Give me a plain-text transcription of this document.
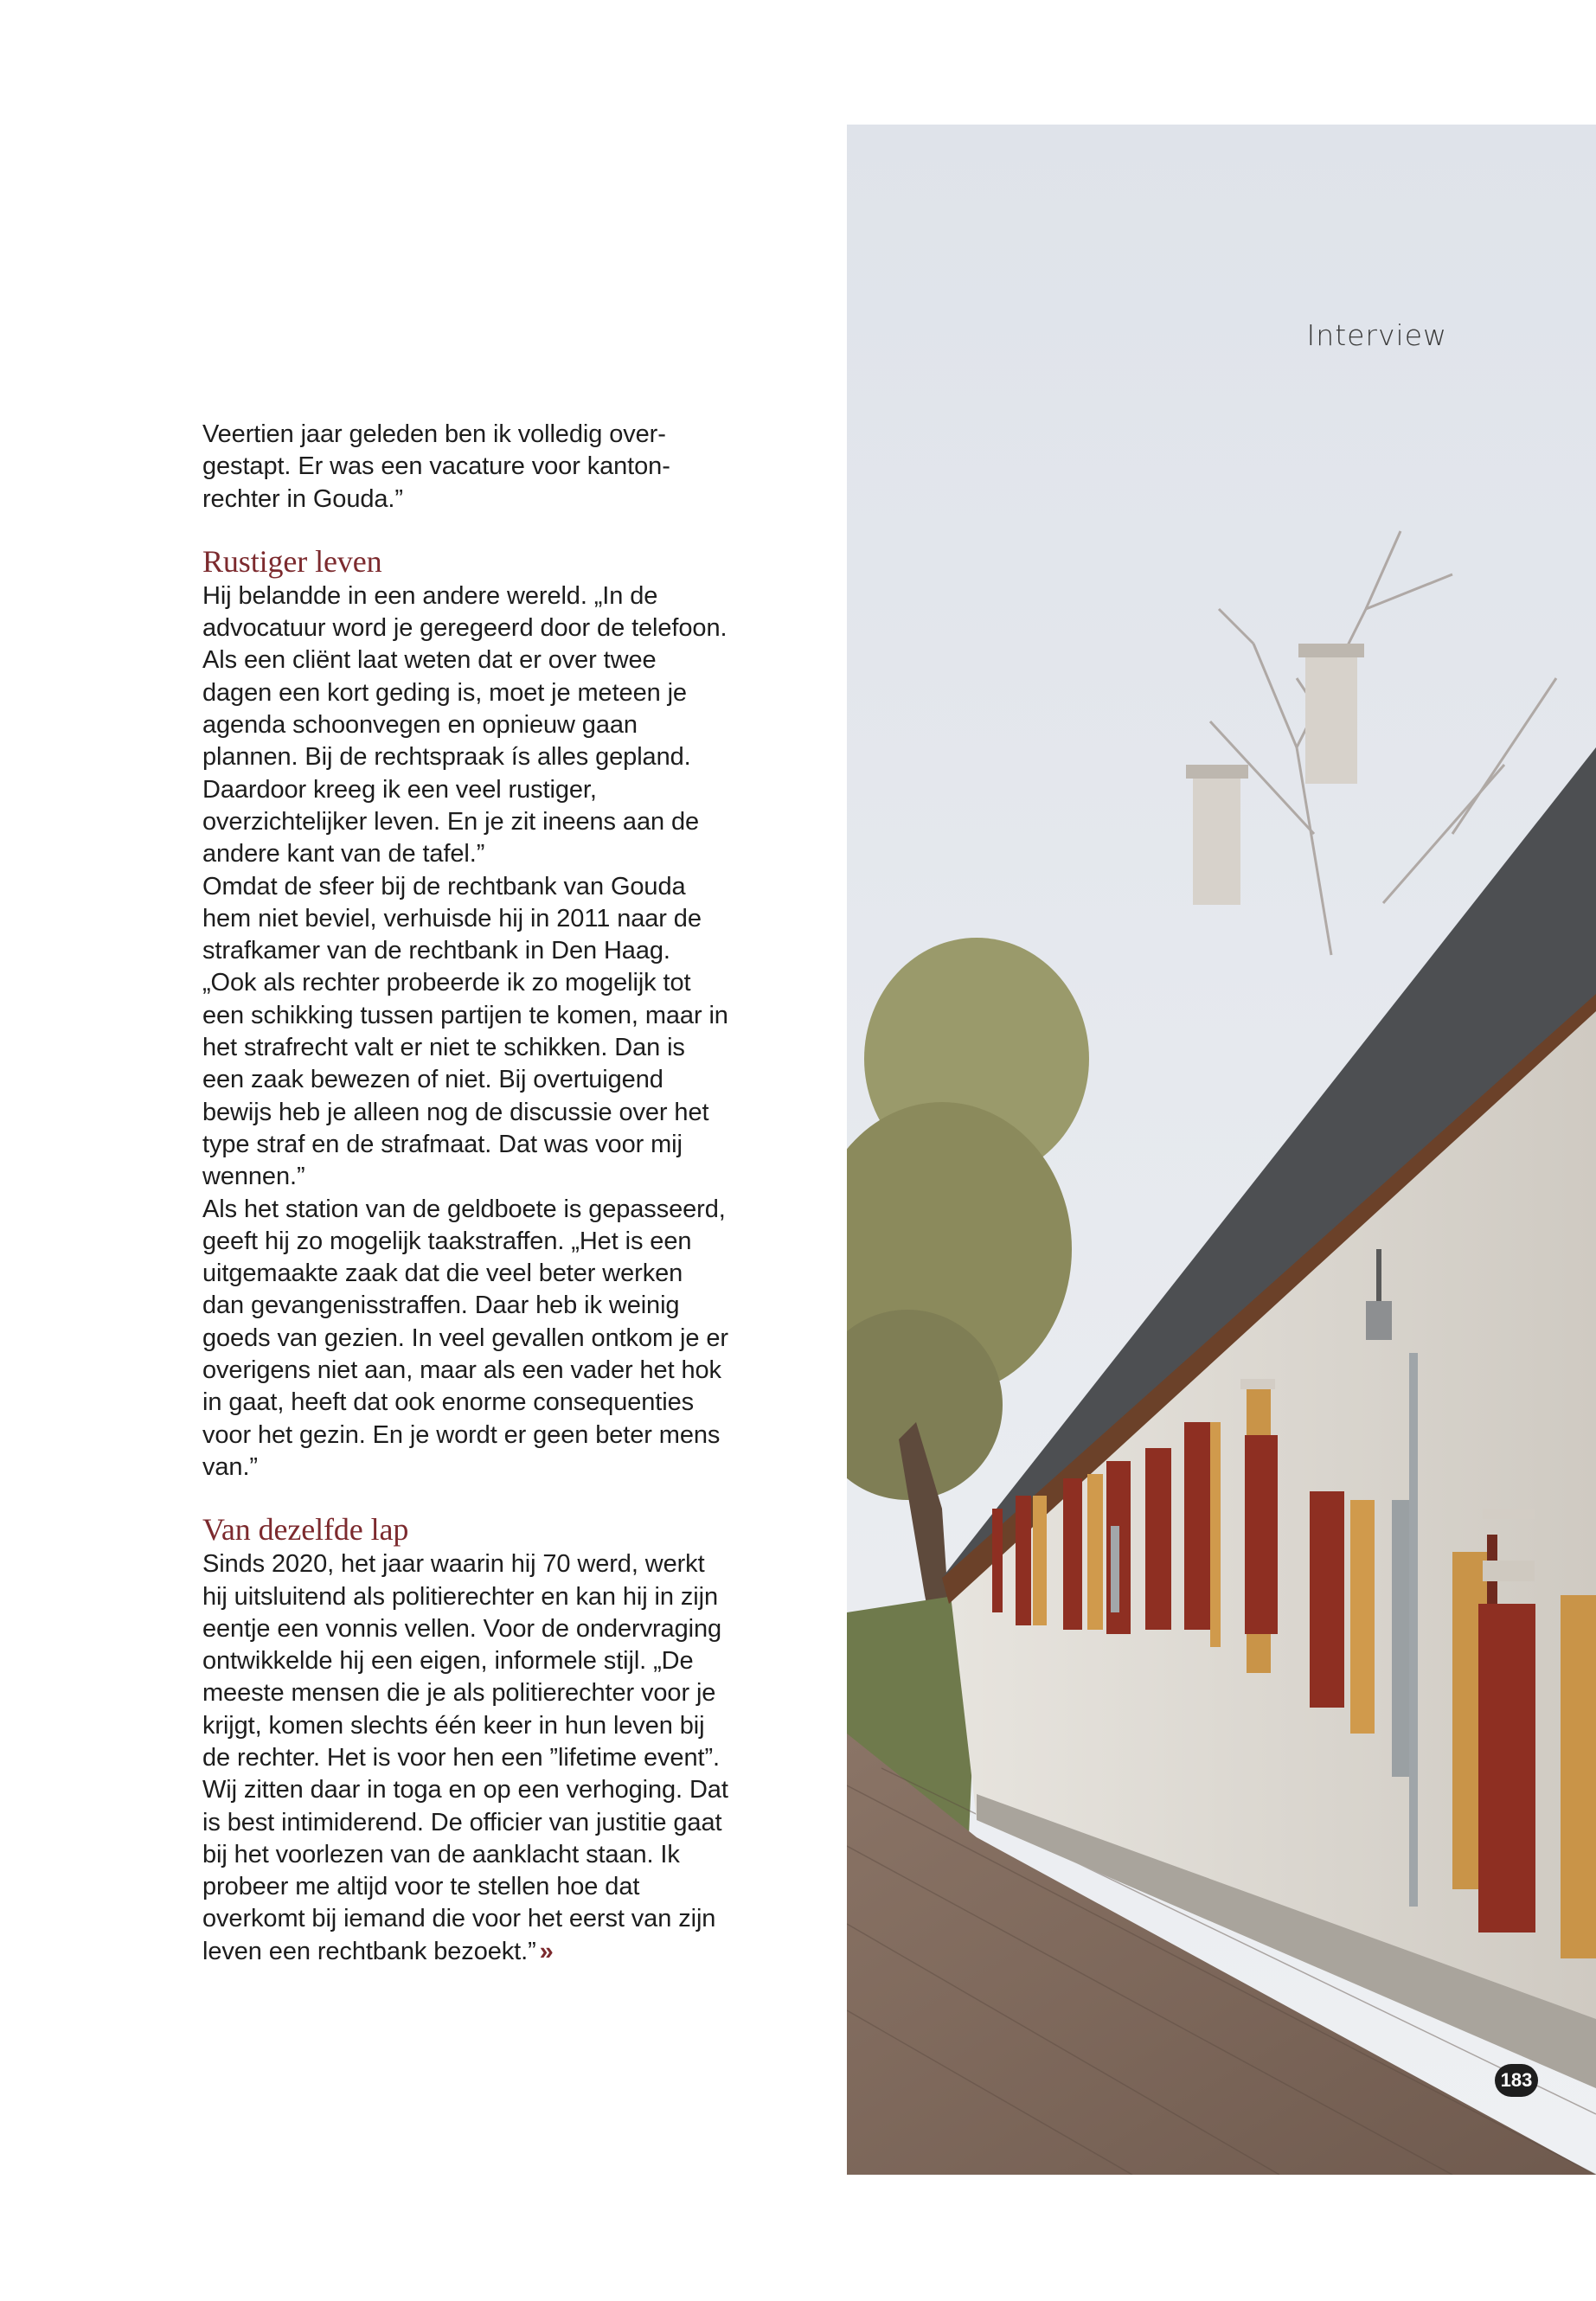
Veertien jaar geleden ben ik volledig overgestapt. Er was een vacature voor kantonrechter in Gouda.”

Rustiger leven

Hij belandde in een andere wereld. „In de advocatuur word je geregeerd door de telefoon. Als een cliënt laat weten dat er over twee dagen een kort geding is, moet je meteen je agenda schoonvegen en opnieuw gaan plannen. Bij de rechtspraak ís alles gepland. Daardoor kreeg ik een veel rustiger, overzichtelijker leven. En je zit ineens aan de andere kant van de tafel.”

Omdat de sfeer bij de rechtbank van Gouda hem niet beviel, verhuisde hij in 2011 naar de strafkamer van de rechtbank in Den Haag. „Ook als rechter probeerde ik zo mogelijk tot een schikking tussen partijen te komen, maar in het strafrecht valt er niet te schikken. Dan is een zaak bewezen of niet. Bij overtuigend bewijs heb je alleen nog de discussie over het type straf en de strafmaat. Dat was voor mij wennen.”

Als het station van de geldboete is gepasseerd, geeft hij zo mogelijk taakstraffen. „Het is een uitgemaakte zaak dat die veel beter werken dan gevangenisstraffen. Daar heb ik weinig goeds van gezien. In veel gevallen ontkom je er overigens niet aan, maar als een vader het hok in gaat, heeft dat ook enorme consequenties voor het gezin. En je wordt er geen beter mens van.”

Van dezelfde lap

Sinds 2020, het jaar waarin hij 70 werd, werkt hij uitsluitend als politierechter en kan hij in zijn eentje een vonnis vellen. Voor de ondervraging ontwikkelde hij een eigen, informele stijl. „De meeste mensen die je als politierechter voor je krijgt, komen slechts één keer in hun leven bij de rechter. Het is voor hen een ”lifetime event”. Wij zitten daar in toga en op een verhoging. Dat is best intimiderend. De officier van justitie gaat bij het voorlezen van de aanklacht staan. Ik probeer me altijd voor te stellen hoe dat overkomt bij iemand die voor het eerst van zijn leven een rechtbank bezoekt.” »

Interview
183
